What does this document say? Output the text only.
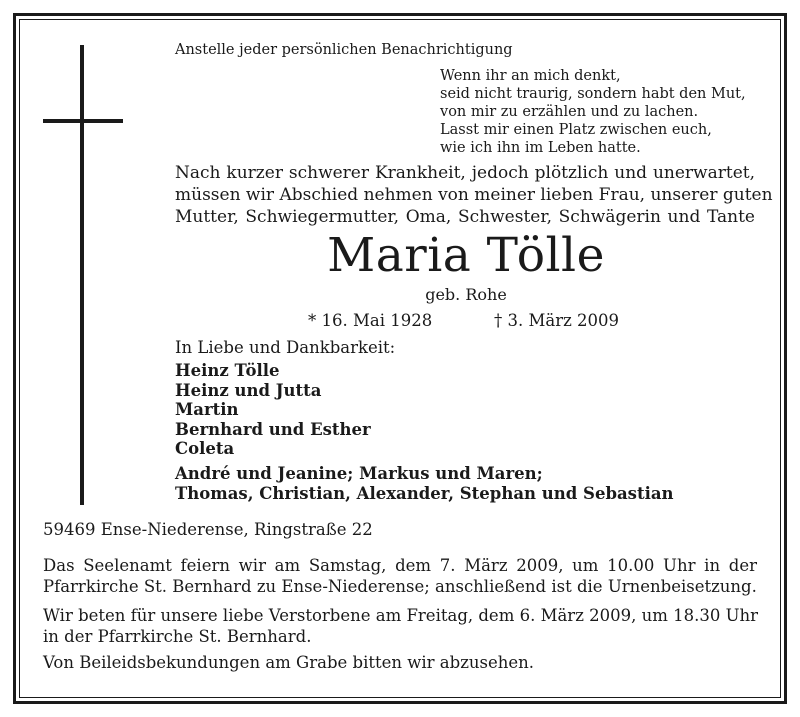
Anstelle jeder persönlichen Benachrichtigung

Wenn ihr an mich denkt,
seid nicht traurig, sondern habt den Mut,
von mir zu erzählen und zu lachen.
Lasst mir einen Platz zwischen euch,
wie ich ihn im Leben hatte.
Nach kurzer schwerer Krankheit, jedoch plötzlich und unerwartet,
müssen wir Abschied nehmen von meiner lieben Frau, unserer guten
Mutter, Schwiegermutter, Oma, Schwester, Schwägerin und Tante

Maria Tölle

geb. Rohe

* 16. Mai 1928	† 3. März 2009

In Liebe und Dankbarkeit:

Heinz Tölle
Heinz und Jutta
Martin
Bernhard und Esther
Coleta
André und Jeanine; Markus und Maren;
Thomas, Christian, Alexander, Stephan und Sebastian

59469 Ense-Niederense, Ringstraße 22

Das Seelenamt feiern wir am Samstag, dem 7. März 2009, um 10.00 Uhr in der
Pfarrkirche St. Bernhard zu Ense-Niederense; anschließend ist die Urnenbeisetzung.
Wir beten für unsere liebe Verstorbene am Freitag, dem 6. März 2009, um 18.30 Uhr
in der Pfarrkirche St. Bernhard.

Von Beileidsbekundungen am Grabe bitten wir abzusehen.
